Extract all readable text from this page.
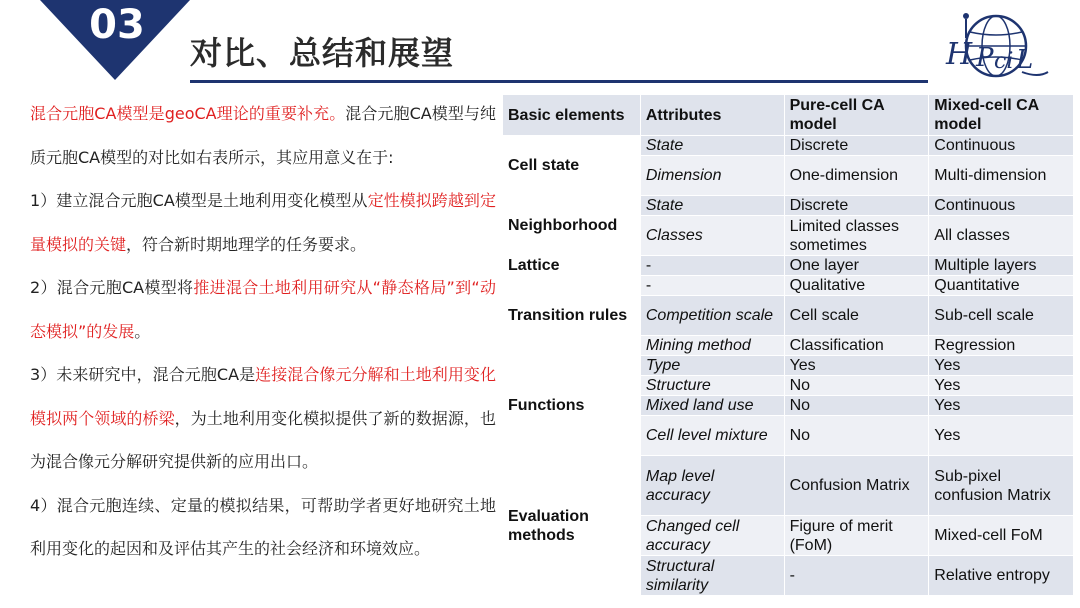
03
对比、总结和展望	H P ci L

混合元胞CA模型是geoCA理论的重要补充。混合元胞CA模型与纯质元胞CA模型的对比如右表所示，其应用意义在于:

1）建立混合元胞CA模型是土地利用变化模型从定性模拟跨越到定量模拟的关键，符合新时期地理学的任务要求。

2）混合元胞CA模型将推进混合土地利用研究从“静态格局”到“动态模拟”的发展。

3）未来研究中，混合元胞CA是连接混合像元分解和土地利用变化模拟两个领域的桥梁，为土地利用变化模拟提供了新的数据源，也为混合像元分解研究提供新的应用出口。

4）混合元胞连续、定量的模拟结果，可帮助学者更好地研究土地利用变化的起因和及评估其产生的社会经济和环境效应。

Basic elements	Attributes	Pure-cell CA model	Mixed-cell CA model
Cell state	State	Discrete	Continuous
	Dimension	One-dimension	Multi-dimension
Neighborhood	State	Discrete	Continuous
	Classes	Limited classes sometimes	All classes
Lattice	-	One layer	Multiple layers
Transition rules	-	Qualitative	Quantitative
	Competition scale	Cell scale	Sub-cell scale
	Mining method	Classification	Regression
Functions	Type	Yes	Yes
	Structure	No	Yes
	Mixed land use	No	Yes
	Cell level mixture	No	Yes
Evaluation methods	Map level accuracy	Confusion Matrix	Sub-pixel confusion Matrix
	Changed cell accuracy	Figure of merit (FoM)	Mixed-cell FoM
	Structural similarity	-	Relative entropy
